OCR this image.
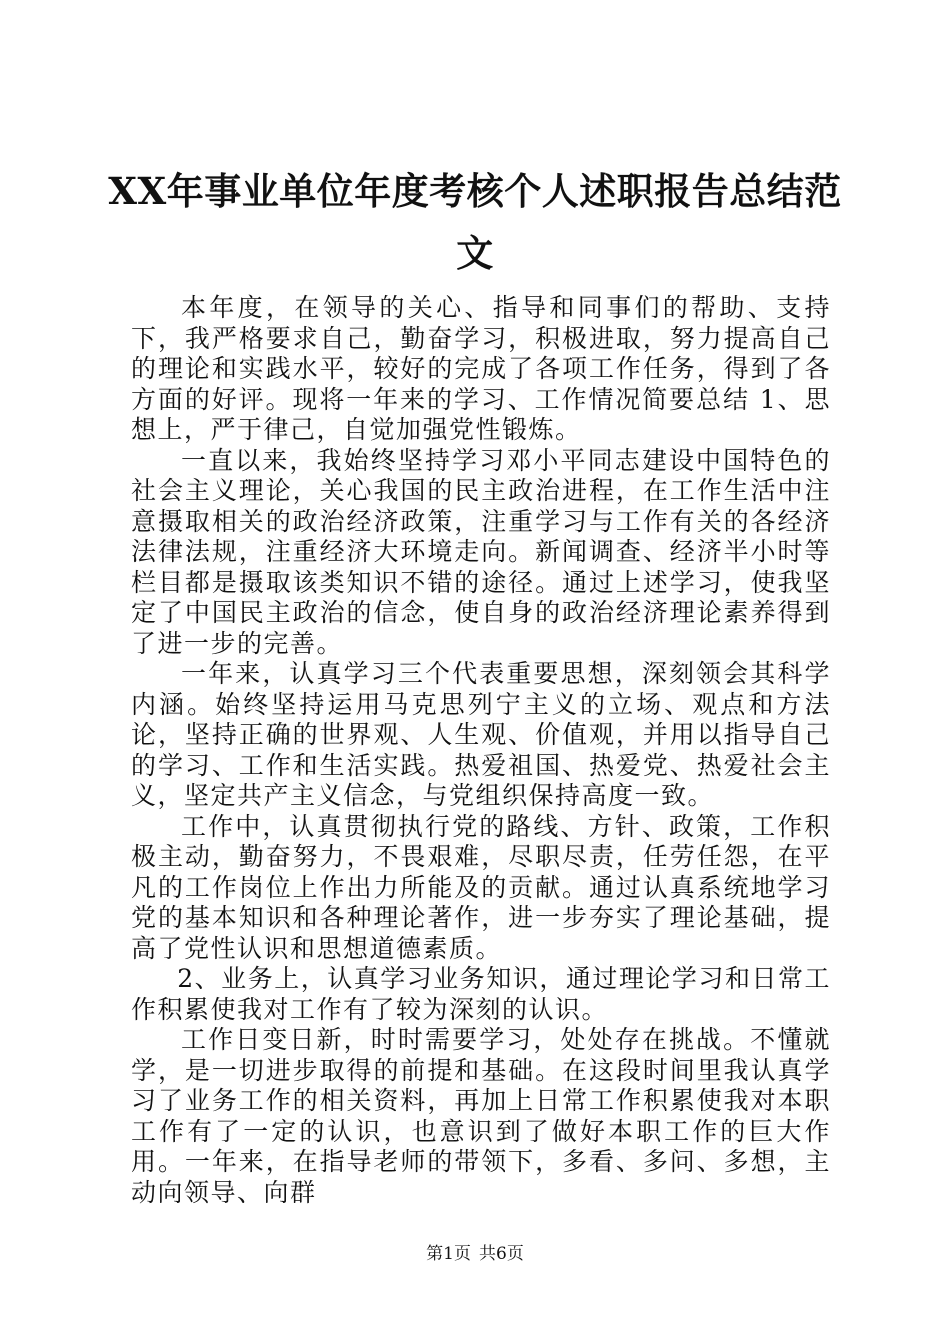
XX年事业单位年度考核个人述职报告总结范
文

本年度，在领导的关心、指导和同事们的帮助、支持下，我严格要求自己，勤奋学习，积极进取，努力提高自己的理论和实践水平，较好的完成了各项工作任务，得到了各方面的好评。现将一年来的学习、工作情况简要总结 1、思想上，严于律己，自觉加强党性锻炼。

一直以来，我始终坚持学习邓小平同志建设中国特色的社会主义理论，关心我国的民主政治进程，在工作生活中注意摄取相关的政治经济政策，注重学习与工作有关的各经济法律法规，注重经济大环境走向。新闻调查、经济半小时等栏目都是摄取该类知识不错的途径。通过上述学习，使我坚定了中国民主政治的信念，使自身的政治经济理论素养得到了进一步的完善。

一年来，认真学习三个代表重要思想，深刻领会其科学内涵。始终坚持运用马克思列宁主义的立场、观点和方法论，坚持正确的世界观、人生观、价值观，并用以指导自己的学习、工作和生活实践。热爱祖国、热爱党、热爱社会主义，坚定共产主义信念，与党组织保持高度一致。

工作中，认真贯彻执行党的路线、方针、政策，工作积极主动，勤奋努力，不畏艰难，尽职尽责，任劳任怨，在平凡的工作岗位上作出力所能及的贡献。通过认真系统地学习党的基本知识和各种理论著作，进一步夯实了理论基础，提高了党性认识和思想道德素质。

2、业务上，认真学习业务知识，通过理论学习和日常工作积累使我对工作有了较为深刻的认识。

工作日变日新，时时需要学习，处处存在挑战。不懂就学，是一切进步取得的前提和基础。在这段时间里我认真学习了业务工作的相关资料，再加上日常工作积累使我对本职工作有了一定的认识，也意识到了做好本职工作的巨大作用。一年来，在指导老师的带领下，多看、多问、多想，主动向领导、向群

第1页 共6页
